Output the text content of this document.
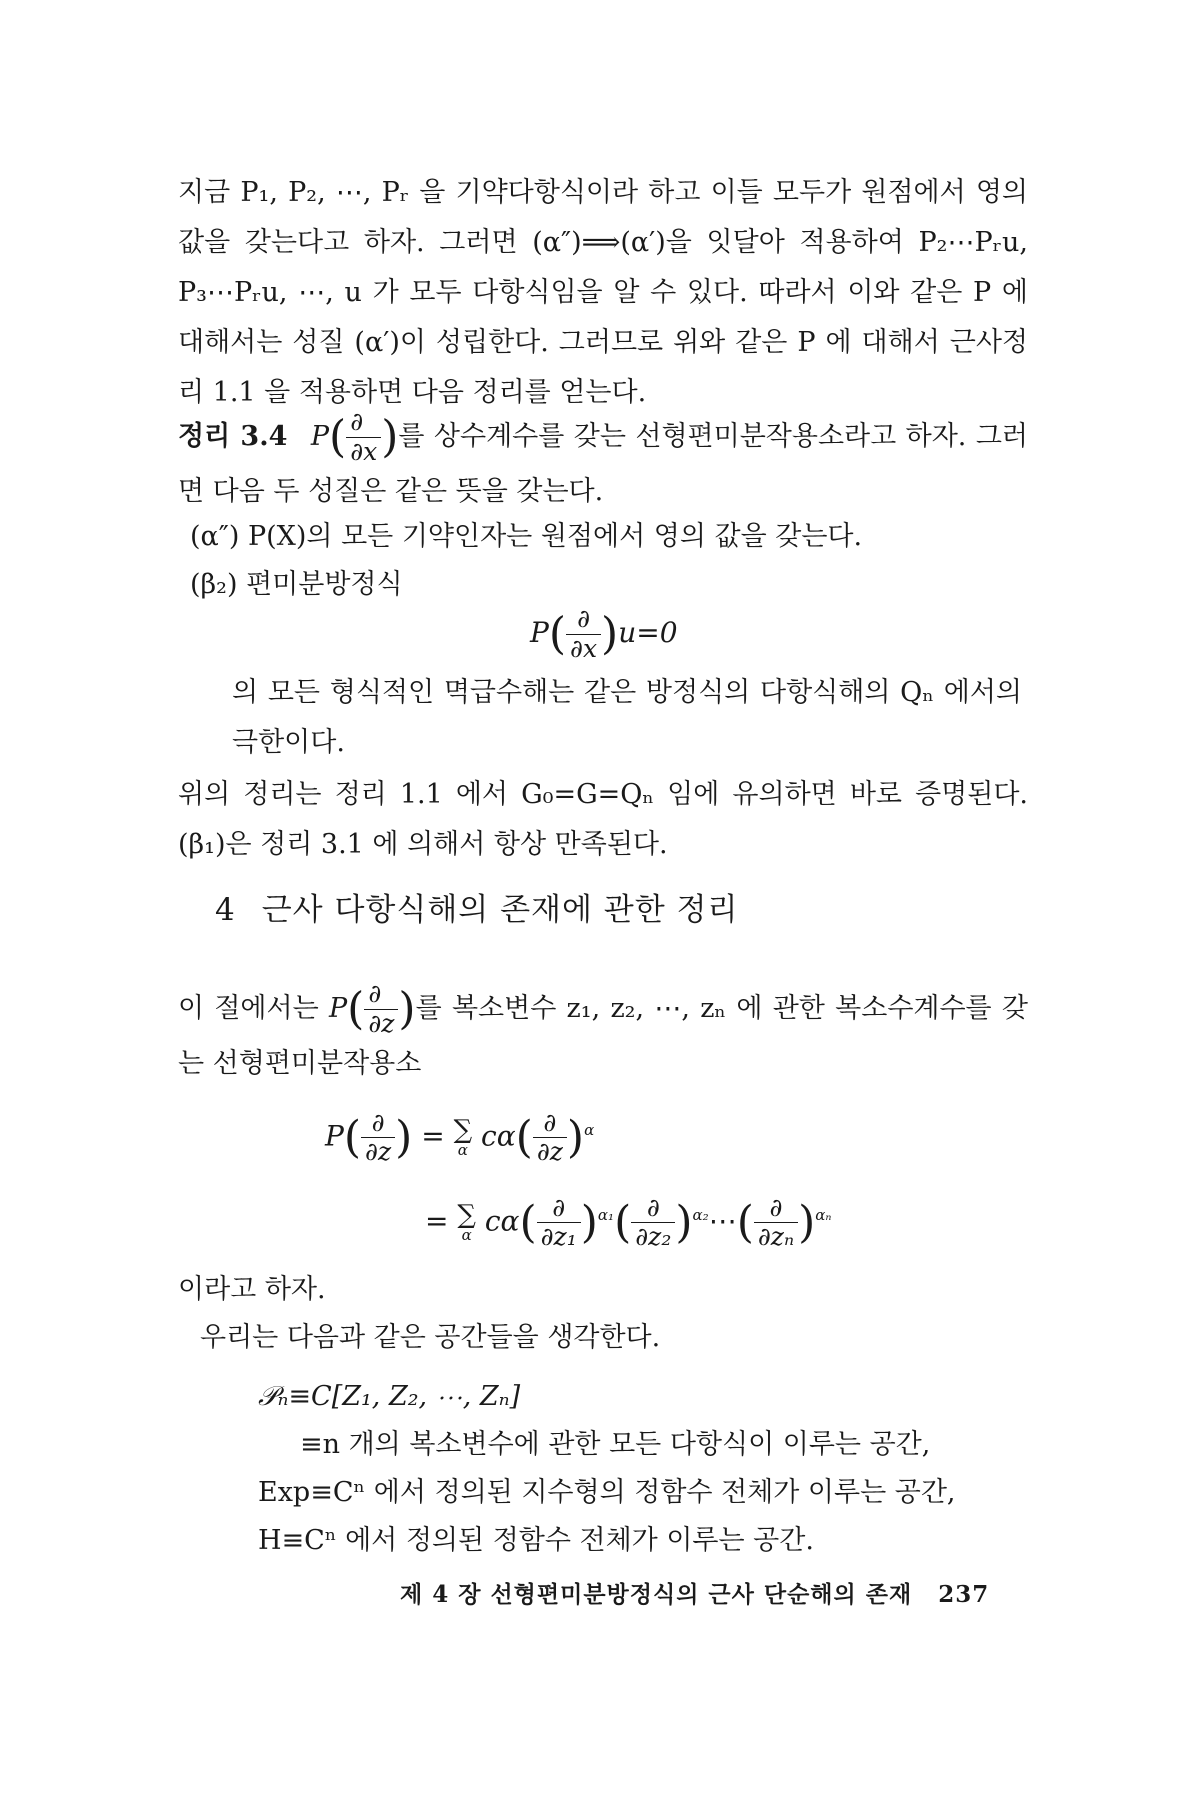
지금 P₁, P₂, ⋯, Pᵣ 을 기약다항식이라 하고 이들 모두가 원점에서 영의 값을 갖는다고 하자. 그러면 (α″)⟹(α′)을 잇달아 적용하여 P₂⋯Pᵣu, P₃⋯Pᵣu, ⋯, u 가 모두 다항식임을 알 수 있다. 따라서 이와 같은 P 에 대해서는 성질 (α′)이 성립한다. 그러므로 위와 같은 P 에 대해서 근사정리 1.1 을 적용하면 다음 정리를 얻는다.

정리 3.4 $P( \frac{\partial}{\partial x}$ )를 상수계수를 갖는 선형편미분작용소라고 하자. 그러면 다음 두 성질은 같은 뜻을 갖는다.

(α″) P(X)의 모든 기약인자는 원점에서 영의 값을 갖는다.

(β₂) 편미분방정식

$P( \frac{\partial}{\partial x} )u=0$

의 모든 형식적인 멱급수해는 같은 방정식의 다항식해의 Qₙ 에서의 극한이다.

위의 정리는 정리 1.1 에서 G₀=G=Qₙ 임에 유의하면 바로 증명된다. (β₁)은 정리 3.1 에 의해서 항상 만족된다.

4 근사 다항식해의 존재에 관한 정리

이 절에서는 $P( \frac{\partial}{\partial z}$ )를 복소변수 z₁, z₂, ⋯, zₙ 에 관한 복소수계수를 갖는 선형편미분작용소

$P( \frac{\partial}{\partial z}$ ) = ∑
α $c\alpha( \frac{\partial}{\partial z} )^\alpha$
= ∑
α $c\alpha( \frac{\partial}{\text{∂z₁}} )^{\alpha_1}( \frac{\partial}{\text{∂z₂}}$ )$^{\alpha_2}\cdots( \frac{\partial}{\text{∂zₙ}} )^{\alpha_n}$

이라고 하자.

우리는 다음과 같은 공간들을 생각한다.

𝒫ₙ≡C[Z₁, Z₂, ⋯, Zₙ]

≡n 개의 복소변수에 관한 모든 다항식이 이루는 공간,

Exp≡Cⁿ 에서 정의된 지수형의 정함수 전체가 이루는 공간,

H≡Cⁿ 에서 정의된 정함수 전체가 이루는 공간.

제 4 장 선형편미분방정식의 근사 단순해의 존재 237
